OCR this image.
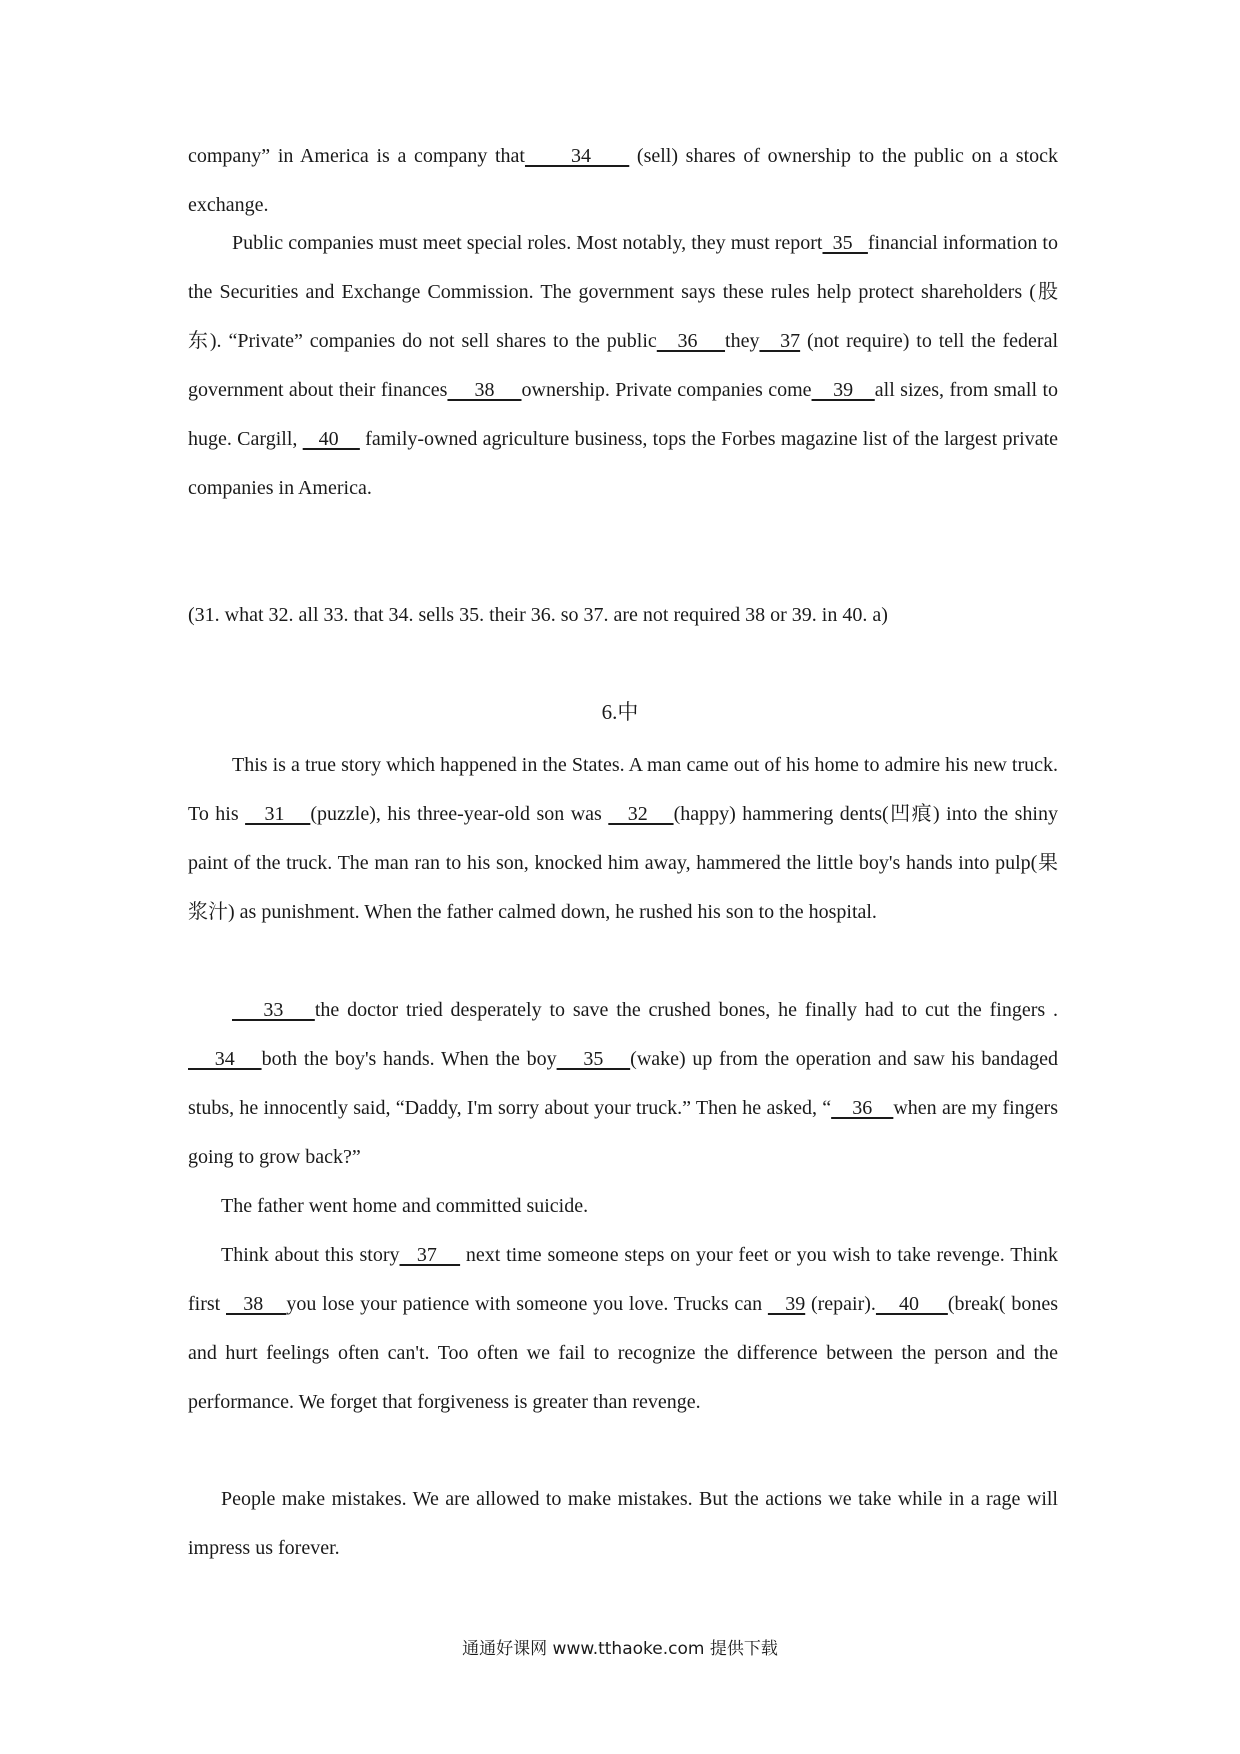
company” in America is a company that      34      (sell) shares of ownership to the public on a stock exchange.

Public companies must meet special roles. Most notably, they must report  35   financial information to the Securities and Exchange Commission. The government says these rules help protect shareholders (股东). “Private” companies do not sell shares to the public   36    they   37 (not require) to tell the federal government about their finances     38     ownership. Private companies come    39    all sizes, from small to huge. Cargill,    40     family-owned agriculture business, tops the Forbes magazine list of the largest private companies in America.

(31. what 32. all 33. that 34. sells 35. their 36. so 37. are not required 38 or 39. in 40. a)

6.中

This is a true story which happened in the States. A man came out of his home to admire his new truck. To his    31    (puzzle), his three-year-old son was    32    (happy) hammering dents(凹痕) into the shiny paint of the truck. The man ran to his son, knocked him away, hammered the little boy's hands into pulp(果浆汁) as punishment. When the father calmed down, he rushed his son to the hospital.

33    the doctor tried desperately to save the crushed bones, he finally had to cut the fingers .    34    both the boy's hands. When the boy    35    (wake) up from the operation and saw his bandaged stubs, he innocently said, “Daddy, I'm sorry about your truck.” Then he asked, “    36    when are my fingers going to grow back?”

The father went home and committed suicide.

Think about this story   37     next time someone steps on your feet or you wish to take revenge. Think first    38    you lose your patience with someone you love. Trucks can    39 (repair).    40     (break( bones and hurt feelings often can't. Too often we fail to recognize the difference between the person and the performance. We forget that forgiveness is greater than revenge.

People make mistakes. We are allowed to make mistakes. But the actions we take while in a rage will impress us forever.

通通好课网 www.tthaoke.com 提供下载
